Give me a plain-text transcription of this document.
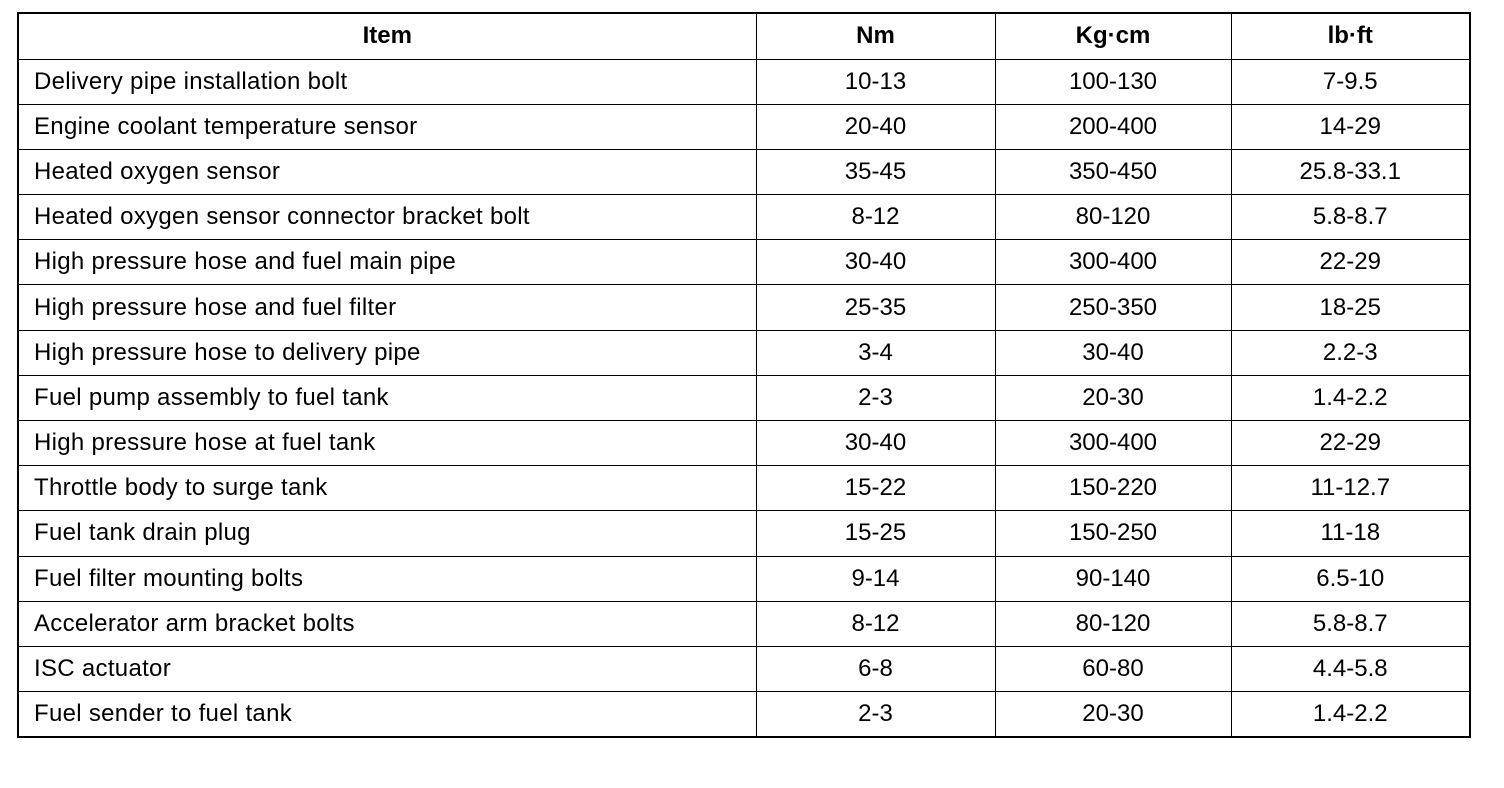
Item	Nm	Kg·cm	lb·ft
Delivery pipe installation bolt	10-13	100-130	7-9.5
Engine coolant temperature sensor	20-40	200-400	14-29
Heated oxygen sensor	35-45	350-450	25.8-33.1
Heated oxygen sensor connector bracket bolt	8-12	80-120	5.8-8.7
High pressure hose and fuel main pipe	30-40	300-400	22-29
High pressure hose and fuel filter	25-35	250-350	18-25
High pressure hose to delivery pipe	3-4	30-40	2.2-3
Fuel pump assembly to fuel tank	2-3	20-30	1.4-2.2
High pressure hose at fuel tank	30-40	300-400	22-29
Throttle body to surge tank	15-22	150-220	11-12.7
Fuel tank drain plug	15-25	150-250	11-18
Fuel filter mounting bolts	9-14	90-140	6.5-10
Accelerator arm bracket bolts	8-12	80-120	5.8-8.7
ISC actuator	6-8	60-80	4.4-5.8
Fuel sender to fuel tank	2-3	20-30	1.4-2.2
